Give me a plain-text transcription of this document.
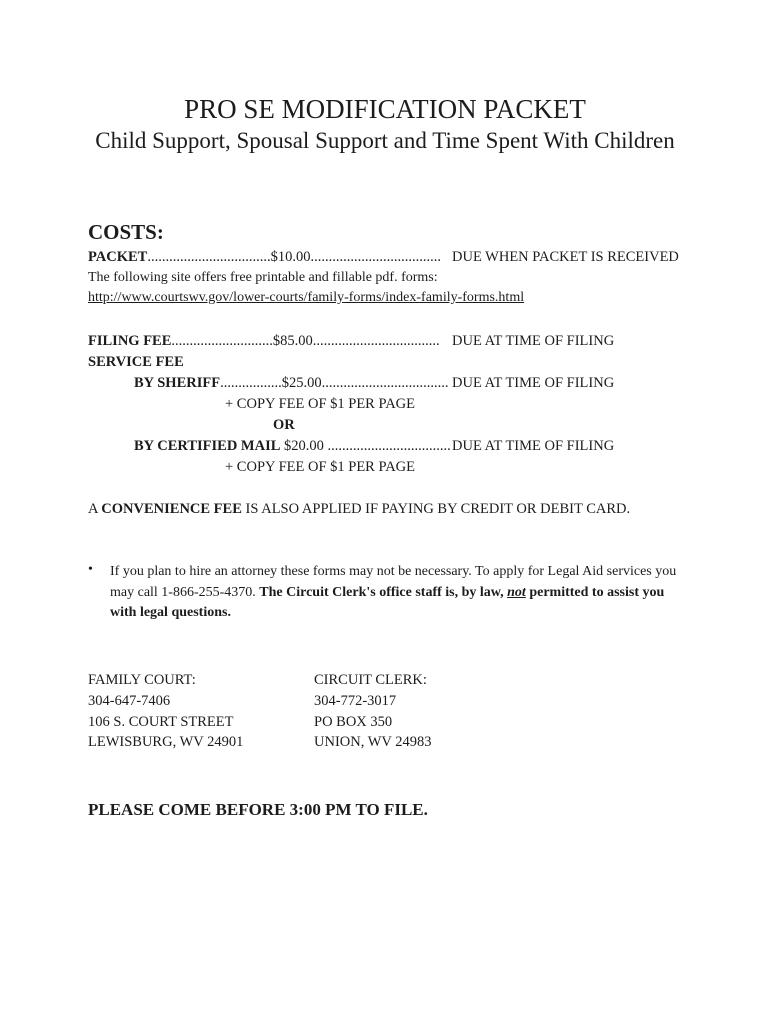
PRO SE MODIFICATION PACKET
Child Support, Spousal Support and Time Spent With Children
COSTS:
PACKET..................................$10.00.................................... DUE WHEN PACKET IS RECEIVED
The following site offers free printable and fillable pdf. forms:
http://www.courtswv.gov/lower-courts/family-forms/index-family-forms.html
FILING FEE............................$85.00................................... DUE AT TIME OF FILING
SERVICE FEE
BY SHERIFF.................$25.00................................... DUE AT TIME OF FILING
+ COPY FEE OF $1 PER PAGE
OR
BY CERTIFIED MAIL $20.00 .................................. DUE AT TIME OF FILING
+ COPY FEE OF $1 PER PAGE
A CONVENIENCE FEE IS ALSO APPLIED IF PAYING BY CREDIT OR DEBIT CARD.
• If you plan to hire an attorney these forms may not be necessary. To apply for Legal Aid services you may call 1-866-255-4370. The Circuit Clerk's office staff is, by law, not permitted to assist you with legal questions.
FAMILY COURT:
304-647-7406
106 S. COURT STREET
LEWISBURG, WV 24901
CIRCUIT CLERK:
304-772-3017
PO BOX 350
UNION, WV 24983
PLEASE COME BEFORE 3:00 PM TO FILE.
